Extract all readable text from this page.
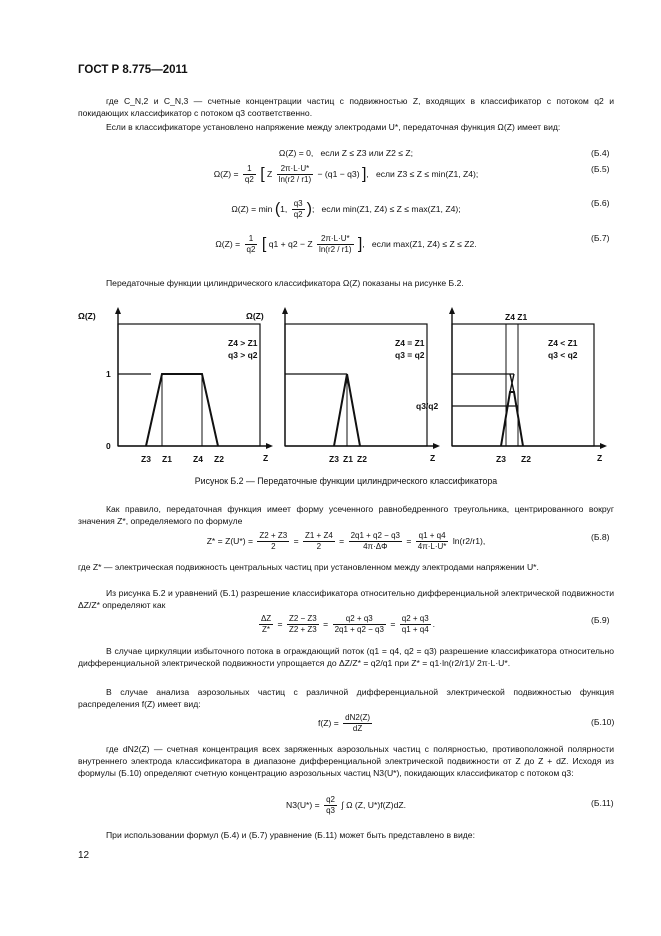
ГОСТ Р 8.775—2011
где C_N,2 и C_N,3 — счетные концентрации частиц с подвижностью Z, входящих в классификатор с потоком q2 и покидающих классификатор с потоком q3 соответственно.
Если в классификаторе установлено напряжение между электродами U*, передаточная функция Ω(Z) имеет вид:
Ω(Z) = 0, если Z ≤ Z3 или Z2 ≤ Z;	(Б.4)
$\Omega(Z) = \frac{1}{q2}$ [ Z $\frac{2\pi\cdot L\cdot U*}{\ln(r2 / r1)} - (q1 - q3)$ ],   если Z3 ≤ Z ≤ min(Z1, Z4);	(Б.5)
Ω(Z) = min (1, $\frac{q3}{q2}$ );   если min(Z1, Z4) ≤ Z ≤ max(Z1, Z4);
(Б.6)
$\Omega(Z) = \frac{1}{q2}$ [ q1 + q2 − Z $\frac{2\pi\cdot L\cdot U*}{\ln(r2 / r1)}$ ],   если max(Z1, Z4) ≤ Z ≤ Z2.
(Б.7)
Передаточные функции цилиндрического классификатора Ω(Z) показаны на рисунке Б.2.
Ω(Z)
1
0
Z
Z4 > Z1
q3 > q2
Z3 Z1 Z4 Z2
Ω(Z)
Z
Z4 = Z1
q3 = q2
Z3 Z1 Z2
q3/q2
Z4 Z1
Z
Z4 < Z1
q3 < q2
Z3 Z2
Рисунок Б.2 — Передаточные функции цилиндрического классификатора
Как правило, передаточная функция имеет форму усеченного равнобедренного треугольника, центрированного вокруг значения Z*, определяемого по формуле
$Z* = Z(U*) = \frac{Z2 + Z3}{2} = \frac{Z1 + Z4}{2} = \frac{2q1 + q2 - q3}{4\pi\cdot\Delta\Phi} = \frac{q1 + q4}{4\pi\cdot L\cdot U*} \ln(r2/r1)$,	(Б.8)
где Z* — электрическая подвижность центральных частиц при установленном между электродами напряжении U*.
Из рисунка Б.2 и уравнений (Б.1) разрешение классификатора относительно дифференциальной электрической подвижности ΔZ/Z* определяют как
$\frac{\Delta Z}{Z*} = \frac{Z2 - Z3}{Z2 + Z3} = \frac{q2 + q3}{2q1 + q2 - q3} = \frac{q2 + q3}{q1 + q4}$ .	(Б.9)
В случае циркуляции избыточного потока в ограждающий поток (q1 = q4, q2 = q3) разрешение классификатора относительно дифференциальной электрической подвижности упрощается до ΔZ/Z* = q2/q1 при Z* = q1·ln(r2/r1)/ 2π·L·U*.
В случае анализа аэрозольных частиц с различной дифференциальной электрической подвижностью функция распределения f(Z) имеет вид:
$f(Z) = \frac{dN2(Z)}{dZ}$	(Б.10)
где dN2(Z) — счетная концентрация всех заряженных аэрозольных частиц с полярностью, противоположной полярности внутреннего электрода классификатора в диапазоне дифференциальной электрической подвижности от Z до Z + dZ. Исходя из формулы (Б.10) определяют счетную концентрацию аэрозольных частиц N3(U*), покидающих классификатор с потоком q3:
$N3(U*) = \frac{q2}{q3}$ ∫ Ω (Z, U*)f(Z)dZ.	(Б.11)
При использовании формул (Б.4) и (Б.7) уравнение (Б.11) может быть представлено в виде:
12
